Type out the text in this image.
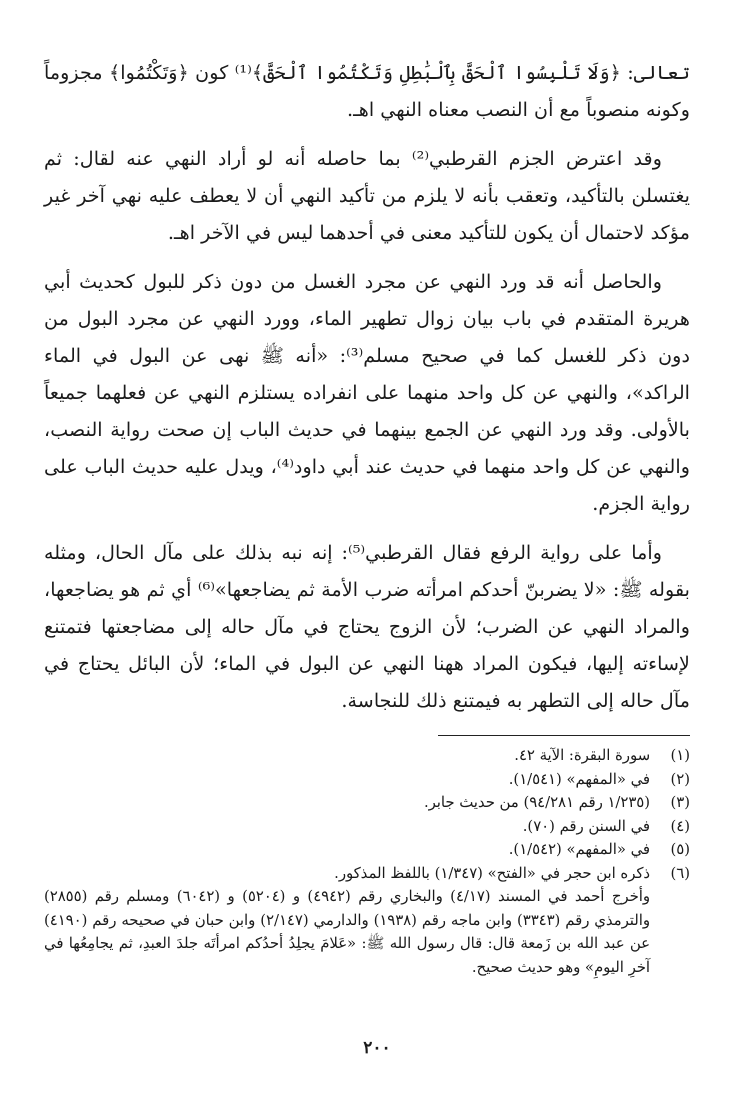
تعالى: ﴿وَلَا تَلْبِسُوا ٱلْحَقَّ بِٱلْبَٰطِلِ وَتَكْتُمُوا ٱلْحَقَّ﴾⁽¹⁾ كون ﴿وَتَكْتُمُوا﴾ مجزوماً وكونه منصوباً مع أن النصب معناه النهي اهـ.

وقد اعترض الجزم القرطبي⁽²⁾ بما حاصله أنه لو أراد النهي عنه لقال: ثم يغتسلن بالتأكيد، وتعقب بأنه لا يلزم من تأكيد النهي أن لا يعطف عليه نهي آخر غير مؤكد لاحتمال أن يكون للتأكيد معنى في أحدهما ليس في الآخر اهـ.

والحاصل أنه قد ورد النهي عن مجرد الغسل من دون ذكر للبول كحديث أبي هريرة المتقدم في باب بيان زوال تطهير الماء، وورد النهي عن مجرد البول من دون ذكر للغسل كما في صحيح مسلم⁽³⁾: «أنه ﷺ نهى عن البول في الماء الراكد»، والنهي عن كل واحد منهما على انفراده يستلزم النهي عن فعلهما جميعاً بالأولى. وقد ورد النهي عن الجمع بينهما في حديث الباب إن صحت رواية النصب، والنهي عن كل واحد منهما في حديث عند أبي داود⁽⁴⁾، ويدل عليه حديث الباب على رواية الجزم.

وأما على رواية الرفع فقال القرطبي⁽⁵⁾: إنه نبه بذلك على مآل الحال، ومثله بقوله ﷺ: «لا يضربنّ أحدكم امرأته ضرب الأمة ثم يضاجعها»⁽⁶⁾ أي ثم هو يضاجعها، والمراد النهي عن الضرب؛ لأن الزوج يحتاج في مآل حاله إلى مضاجعتها فتمتنع لإساءته إليها، فيكون المراد ههنا النهي عن البول في الماء؛ لأن البائل يحتاج في مآل حاله إلى التطهر به فيمتنع ذلك للنجاسة.

(١)
سورة البقرة: الآية ٤٢.
(٢)
في «المفهم» (١/٥٤١).
(٣)
(١/٢٣٥ رقم ٩٤/٢٨١) من حديث جابر.
(٤)
في السنن رقم (٧٠).
(٥)
في «المفهم» (١/٥٤٢).
(٦)
ذكره ابن حجر في «الفتح» (١/٣٤٧) باللفظ المذكور.
وأخرج أحمد في المسند (٤/١٧) والبخاري رقم (٤٩٤٢) و (٥٢٠٤) و (٦٠٤٢) ومسلم رقم (٢٨٥٥) والترمذي رقم (٣٣٤٣) وابن ماجه رقم (١٩٣٨) والدارمي (٢/١٤٧) وابن حبان في صحيحه رقم (٤١٩٠) عن عبد الله بن زَمعة قال: قال رسول الله ﷺ: «عَلامَ يجلِدُ أحدُكم امرأتَه جلدَ العبدِ، ثم يجامِعُها في آخرِ اليومِ» وهو حديث صحيح.
٢٠٠
